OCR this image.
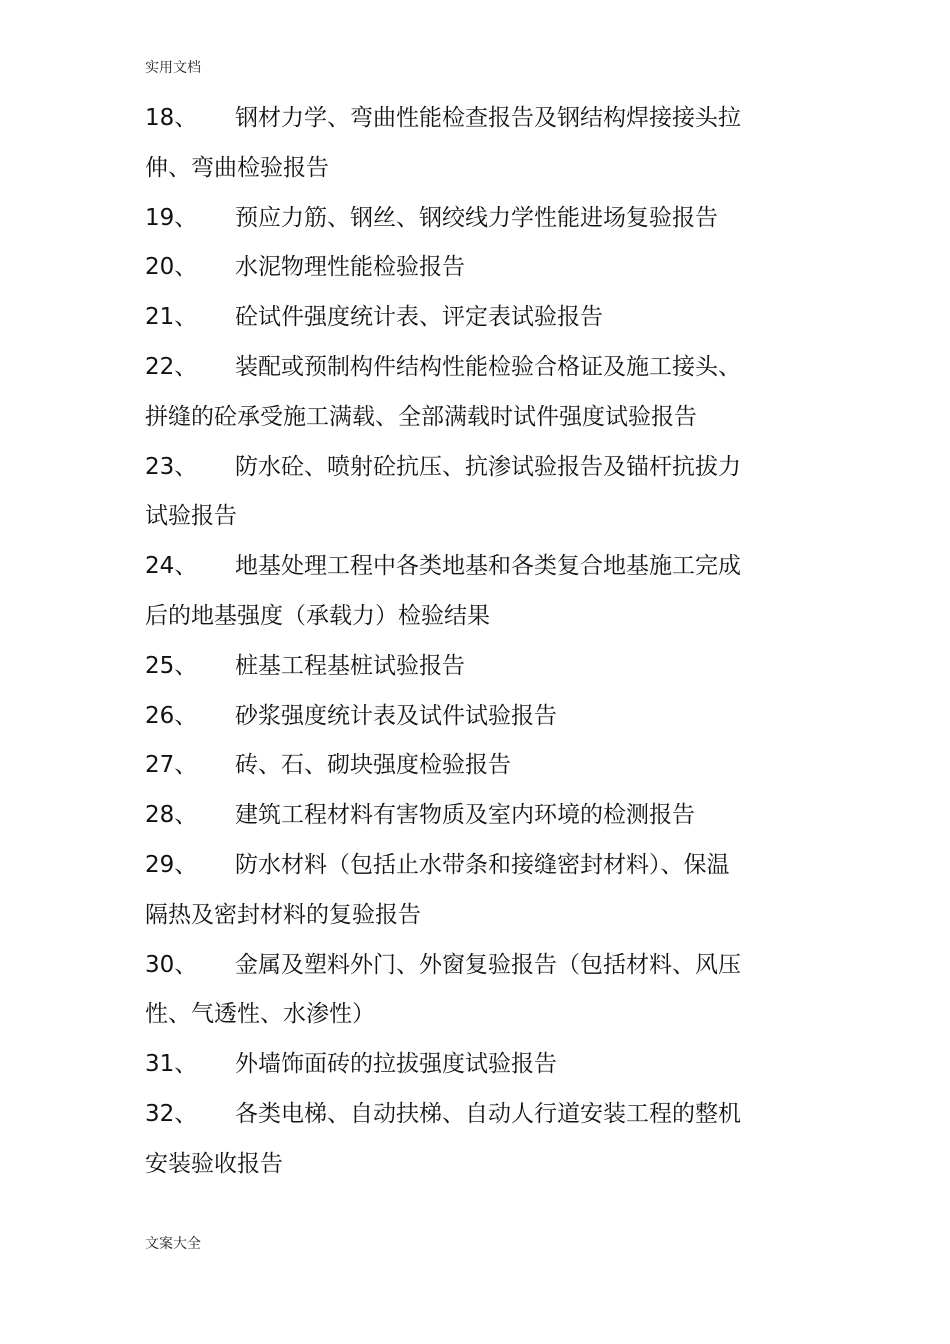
实用文档
18、 钢材力学、弯曲性能检查报告及钢结构焊接接头拉
伸、弯曲检验报告
19、 预应力筋、钢丝、钢绞线力学性能进场复验报告
20、 水泥物理性能检验报告
21、 砼试件强度统计表、评定表试验报告
22、 装配或预制构件结构性能检验合格证及施工接头、
拼缝的砼承受施工满载、全部满载时试件强度试验报告
23、 防水砼、喷射砼抗压、抗渗试验报告及锚杆抗拔力
试验报告
24、 地基处理工程中各类地基和各类复合地基施工完成
后的地基强度（承载力）检验结果
25、 桩基工程基桩试验报告
26、 砂浆强度统计表及试件试验报告
27、 砖、石、砌块强度检验报告
28、 建筑工程材料有害物质及室内环境的检测报告
29、 防水材料（包括止水带条和接缝密封材料）、保温
隔热及密封材料的复验报告
30、 金属及塑料外门、外窗复验报告（包括材料、风压
性、气透性、水渗性）
31、 外墙饰面砖的拉拔强度试验报告
32、 各类电梯、自动扶梯、自动人行道安装工程的整机
安装验收报告
文案大全
